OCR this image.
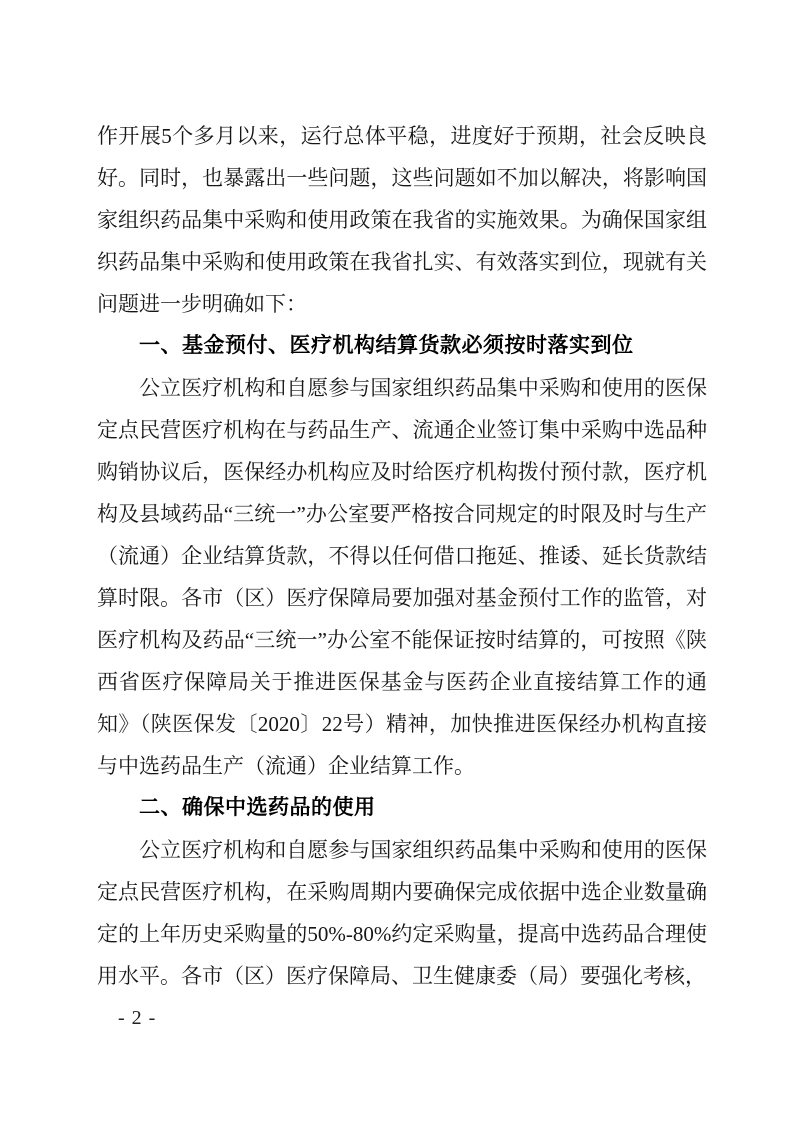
作开展5个多月以来，运行总体平稳，进度好于预期，社会反映良好。同时，也暴露出一些问题，这些问题如不加以解决，将影响国家组织药品集中采购和使用政策在我省的实施效果。为确保国家组织药品集中采购和使用政策在我省扎实、有效落实到位，现就有关问题进一步明确如下：

一、基金预付、医疗机构结算货款必须按时落实到位

公立医疗机构和自愿参与国家组织药品集中采购和使用的医保定点民营医疗机构在与药品生产、流通企业签订集中采购中选品种购销协议后，医保经办机构应及时给医疗机构拨付预付款，医疗机构及县域药品“三统一”办公室要严格按合同规定的时限及时与生产（流通）企业结算货款，不得以任何借口拖延、推诿、延长货款结算时限。各市（区）医疗保障局要加强对基金预付工作的监管，对医疗机构及药品“三统一”办公室不能保证按时结算的，可按照《陕西省医疗保障局关于推进医保基金与医药企业直接结算工作的通知》（陕医保发〔2020〕22号）精神，加快推进医保经办机构直接与中选药品生产（流通）企业结算工作。

二、确保中选药品的使用

公立医疗机构和自愿参与国家组织药品集中采购和使用的医保定点民营医疗机构，在采购周期内要确保完成依据中选企业数量确定的上年历史采购量的50%-80%约定采购量，提高中选药品合理使用水平。各市（区）医疗保障局、卫生健康委（局）要强化考核，

- 2 -
